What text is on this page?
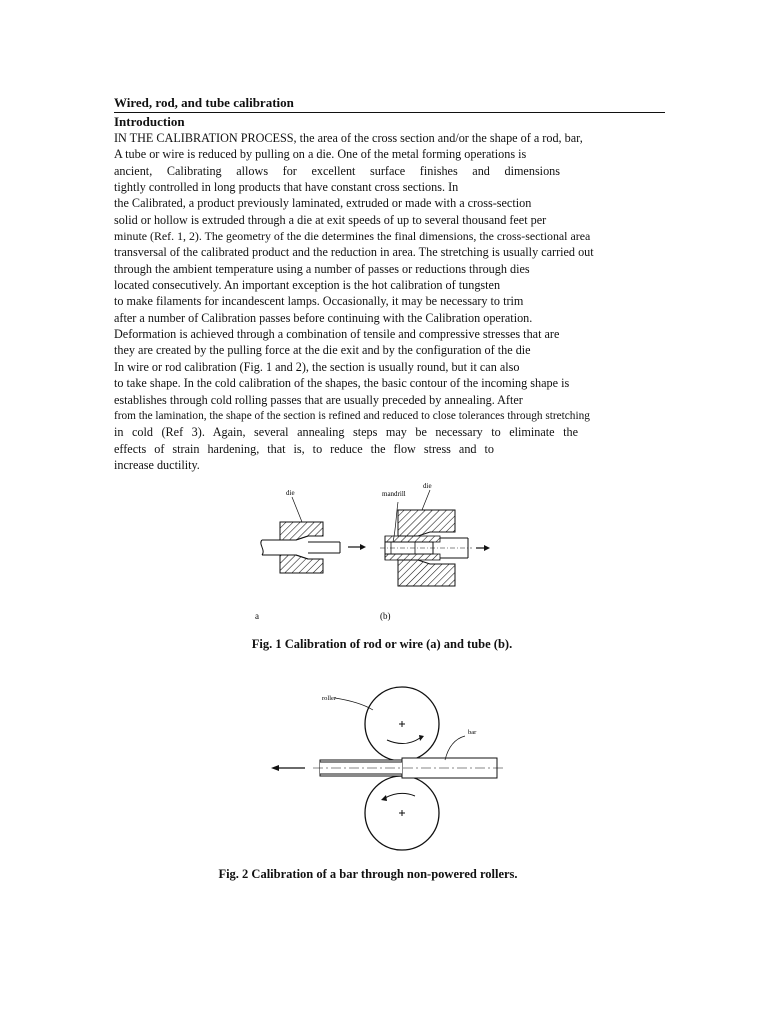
Wired, rod, and tube calibration
Introduction
IN THE CALIBRATION PROCESS, the area of the cross section and/or the shape of a rod, bar,
A tube or wire is reduced by pulling on a die. One of the metal forming operations is
ancient, Calibrating allows for excellent surface finishes and dimensions
tightly controlled in long products that have constant cross sections. In
the Calibrated, a product previously laminated, extruded or made with a cross-section
solid or hollow is extruded through a die at exit speeds of up to several thousand feet per
minute (Ref. 1, 2). The geometry of the die determines the final dimensions, the cross-sectional area
transversal of the calibrated product and the reduction in area. The stretching is usually carried out
through the ambient temperature using a number of passes or reductions through dies
located consecutively. An important exception is the hot calibration of tungsten
to make filaments for incandescent lamps. Occasionally, it may be necessary to trim
after a number of Calibration passes before continuing with the Calibration operation.
Deformation is achieved through a combination of tensile and compressive stresses that are
they are created by the pulling force at the die exit and by the configuration of the die
In wire or rod calibration (Fig. 1 and 2), the section is usually round, but it can also
to take shape. In the cold calibration of the shapes, the basic contour of the incoming shape is
establishes through cold rolling passes that are usually preceded by annealing. After
from the lamination, the shape of the section is refined and reduced to close tolerances through stretching
in cold (Ref 3). Again, several annealing steps may be necessary to eliminate the
effects of strain hardening, that is, to reduce the flow stress and to
increase ductility.
die
die
mandrill
a	(b)
Fig. 1 Calibration of rod or wire (a) and tube (b).
roller
bar
Fig. 2 Calibration of a bar through non-powered rollers.
